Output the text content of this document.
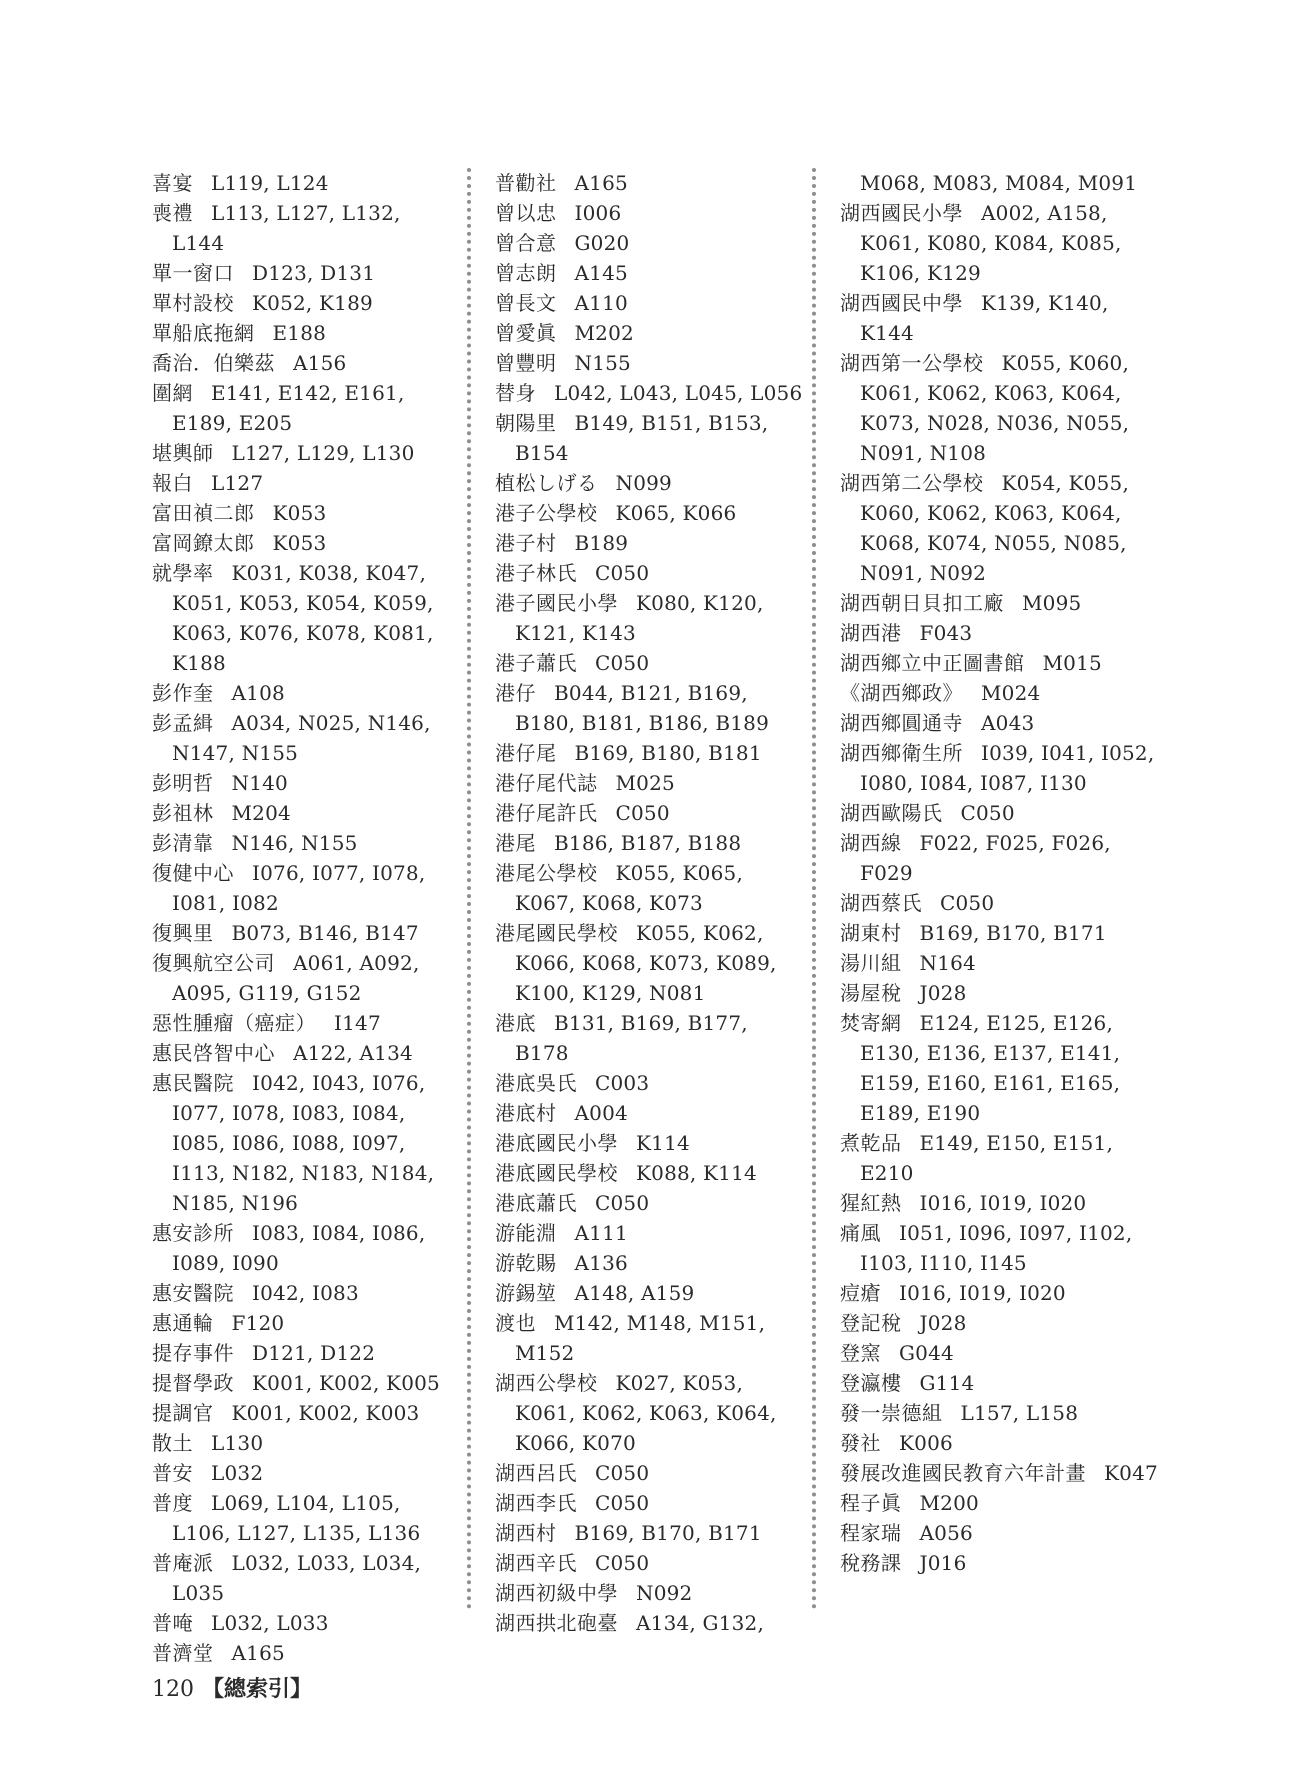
喜宴 L119, L124
喪禮 L113, L127, L132, L144
單一窗口 D123, D131
單村設校 K052, K189
單船底拖網 E188
喬治．伯樂茲 A156
圍網 E141, E142, E161, E189, E205
堪輿師 L127, L129, L130
報白 L127
富田禎二郎 K053
富岡鐐太郎 K053
就學率 K031, K038, K047, K051, K053, K054, K059, K063, K076, K078, K081, K188
彭作奎 A108
彭孟緝 A034, N025, N146, N147, N155
彭明哲 N140
彭祖林 M204
彭清靠 N146, N155
復健中心 I076, I077, I078, I081, I082
復興里 B073, B146, B147
復興航空公司 A061, A092, A095, G119, G152
惡性腫瘤（癌症） I147
惠民啓智中心 A122, A134
惠民醫院 I042, I043, I076, I077, I078, I083, I084, I085, I086, I088, I097, I113, N182, N183, N184, N185, N196
惠安診所 I083, I084, I086, I089, I090
惠安醫院 I042, I083
惠通輪 F120
提存事件 D121, D122
提督學政 K001, K002, K005
提調官 K001, K002, K003
散土 L130
普安 L032
普度 L069, L104, L105, L106, L127, L135, L136
普庵派 L032, L033, L034, L035
普唵 L032, L033
普濟堂 A165
普勸社 A165
曾以忠 I006
曾合意 G020
曾志朗 A145
曾長文 A110
曾愛眞 M202
曾豐明 N155
替身 L042, L043, L045, L056
朝陽里 B149, B151, B153, B154
植松しげる N099
港子公學校 K065, K066
港子村 B189
港子林氏 C050
港子國民小學 K080, K120, K121, K143
港子蕭氏 C050
港仔 B044, B121, B169, B180, B181, B186, B189
港仔尾 B169, B180, B181
港仔尾代誌 M025
港仔尾許氏 C050
港尾 B186, B187, B188
港尾公學校 K055, K065, K067, K068, K073
港尾國民學校 K055, K062, K066, K068, K073, K089, K100, K129, N081
港底 B131, B169, B177, B178
港底吳氏 C003
港底村 A004
港底國民小學 K114
港底國民學校 K088, K114
港底蕭氏 C050
游能淵 A111
游乾賜 A136
游錫堃 A148, A159
渡也 M142, M148, M151, M152
湖西公學校 K027, K053, K061, K062, K063, K064, K066, K070
湖西呂氏 C050
湖西李氏 C050
湖西村 B169, B170, B171
湖西辛氏 C050
湖西初級中學 N092
湖西拱北砲臺 A134, G132,
M068, M083, M084, M091
湖西國民小學 A002, A158, K061, K080, K084, K085, K106, K129
湖西國民中學 K139, K140, K144
湖西第一公學校 K055, K060, K061, K062, K063, K064, K073, N028, N036, N055, N091, N108
湖西第二公學校 K054, K055, K060, K062, K063, K064, K068, K074, N055, N085, N091, N092
湖西朝日貝扣工廠 M095
湖西港 F043
湖西鄉立中正圖書館 M015
《湖西鄉政》 M024
湖西鄉圓通寺 A043
湖西鄉衛生所 I039, I041, I052, I080, I084, I087, I130
湖西歐陽氏 C050
湖西線 F022, F025, F026, F029
湖西蔡氏 C050
湖東村 B169, B170, B171
湯川組 N164
湯屋稅 J028
焚寄網 E124, E125, E126, E130, E136, E137, E141, E159, E160, E161, E165, E189, E190
煮乾品 E149, E150, E151, E210
猩紅熱 I016, I019, I020
痛風 I051, I096, I097, I102, I103, I110, I145
痘瘡 I016, I019, I020
登記稅 J028
登窯 G044
登瀛樓 G114
發一崇德組 L157, L158
發社 K006
發展改進國民教育六年計畫 K047
程子眞 M200
程家瑞 A056
稅務課 J016
120 【總索引】
